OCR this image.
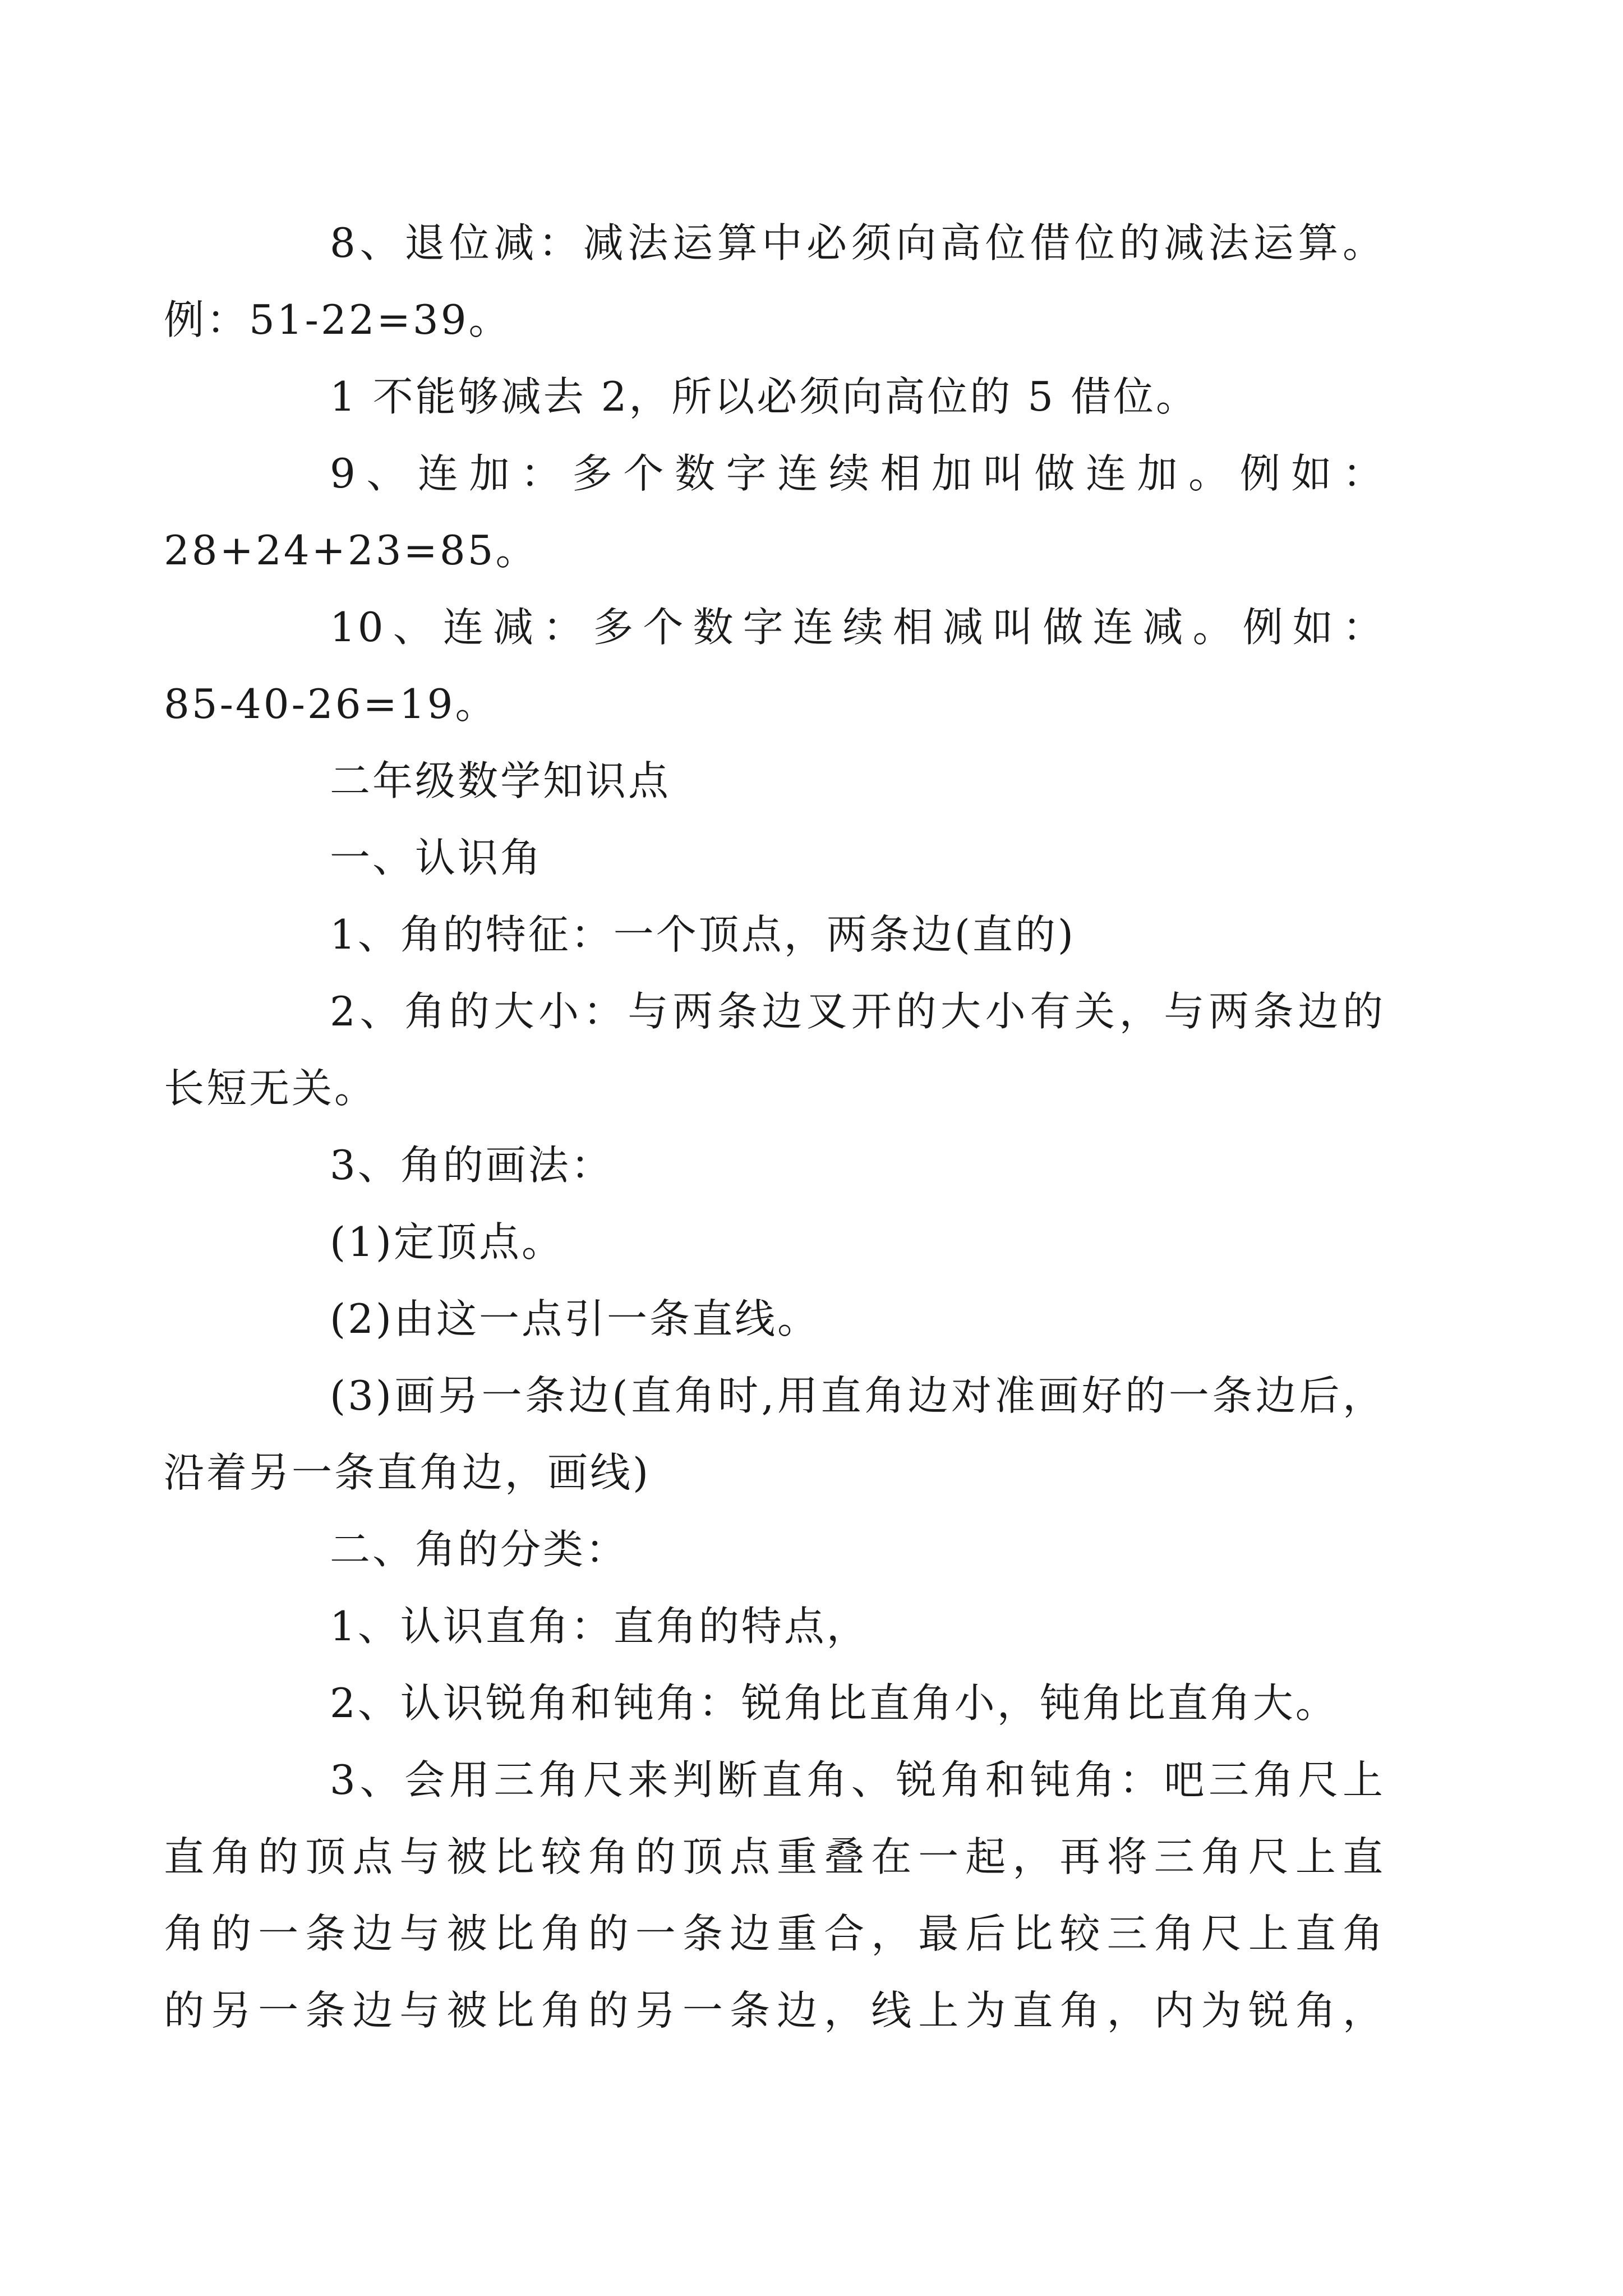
8、退位减：减法运算中必须向高位借位的减法运算。
例：51-22=39。

1 不能够减去 2，所以必须向高位的 5 借位。

9、连加：多个数字连续相加叫做连加。例如：
28+24+23=85。

10、连减：多个数字连续相减叫做连减。例如：
85-40-26=19。

二年级数学知识点

一、认识角

1、角的特征：一个顶点，两条边(直的)

2、角的大小：与两条边叉开的大小有关，与两条边的
长短无关。

3、角的画法：

(1)定顶点。

(2)由这一点引一条直线。

(3)画另一条边(直角时,用直角边对准画好的一条边后，
沿着另一条直角边，画线)

二、角的分类：

1、认识直角：直角的特点，

2、认识锐角和钝角：锐角比直角小，钝角比直角大。

3、会用三角尺来判断直角、锐角和钝角：吧三角尺上
直角的顶点与被比较角的顶点重叠在一起，再将三角尺上直
角的一条边与被比角的一条边重合，最后比较三角尺上直角
的另一条边与被比角的另一条边，线上为直角，内为锐角，
